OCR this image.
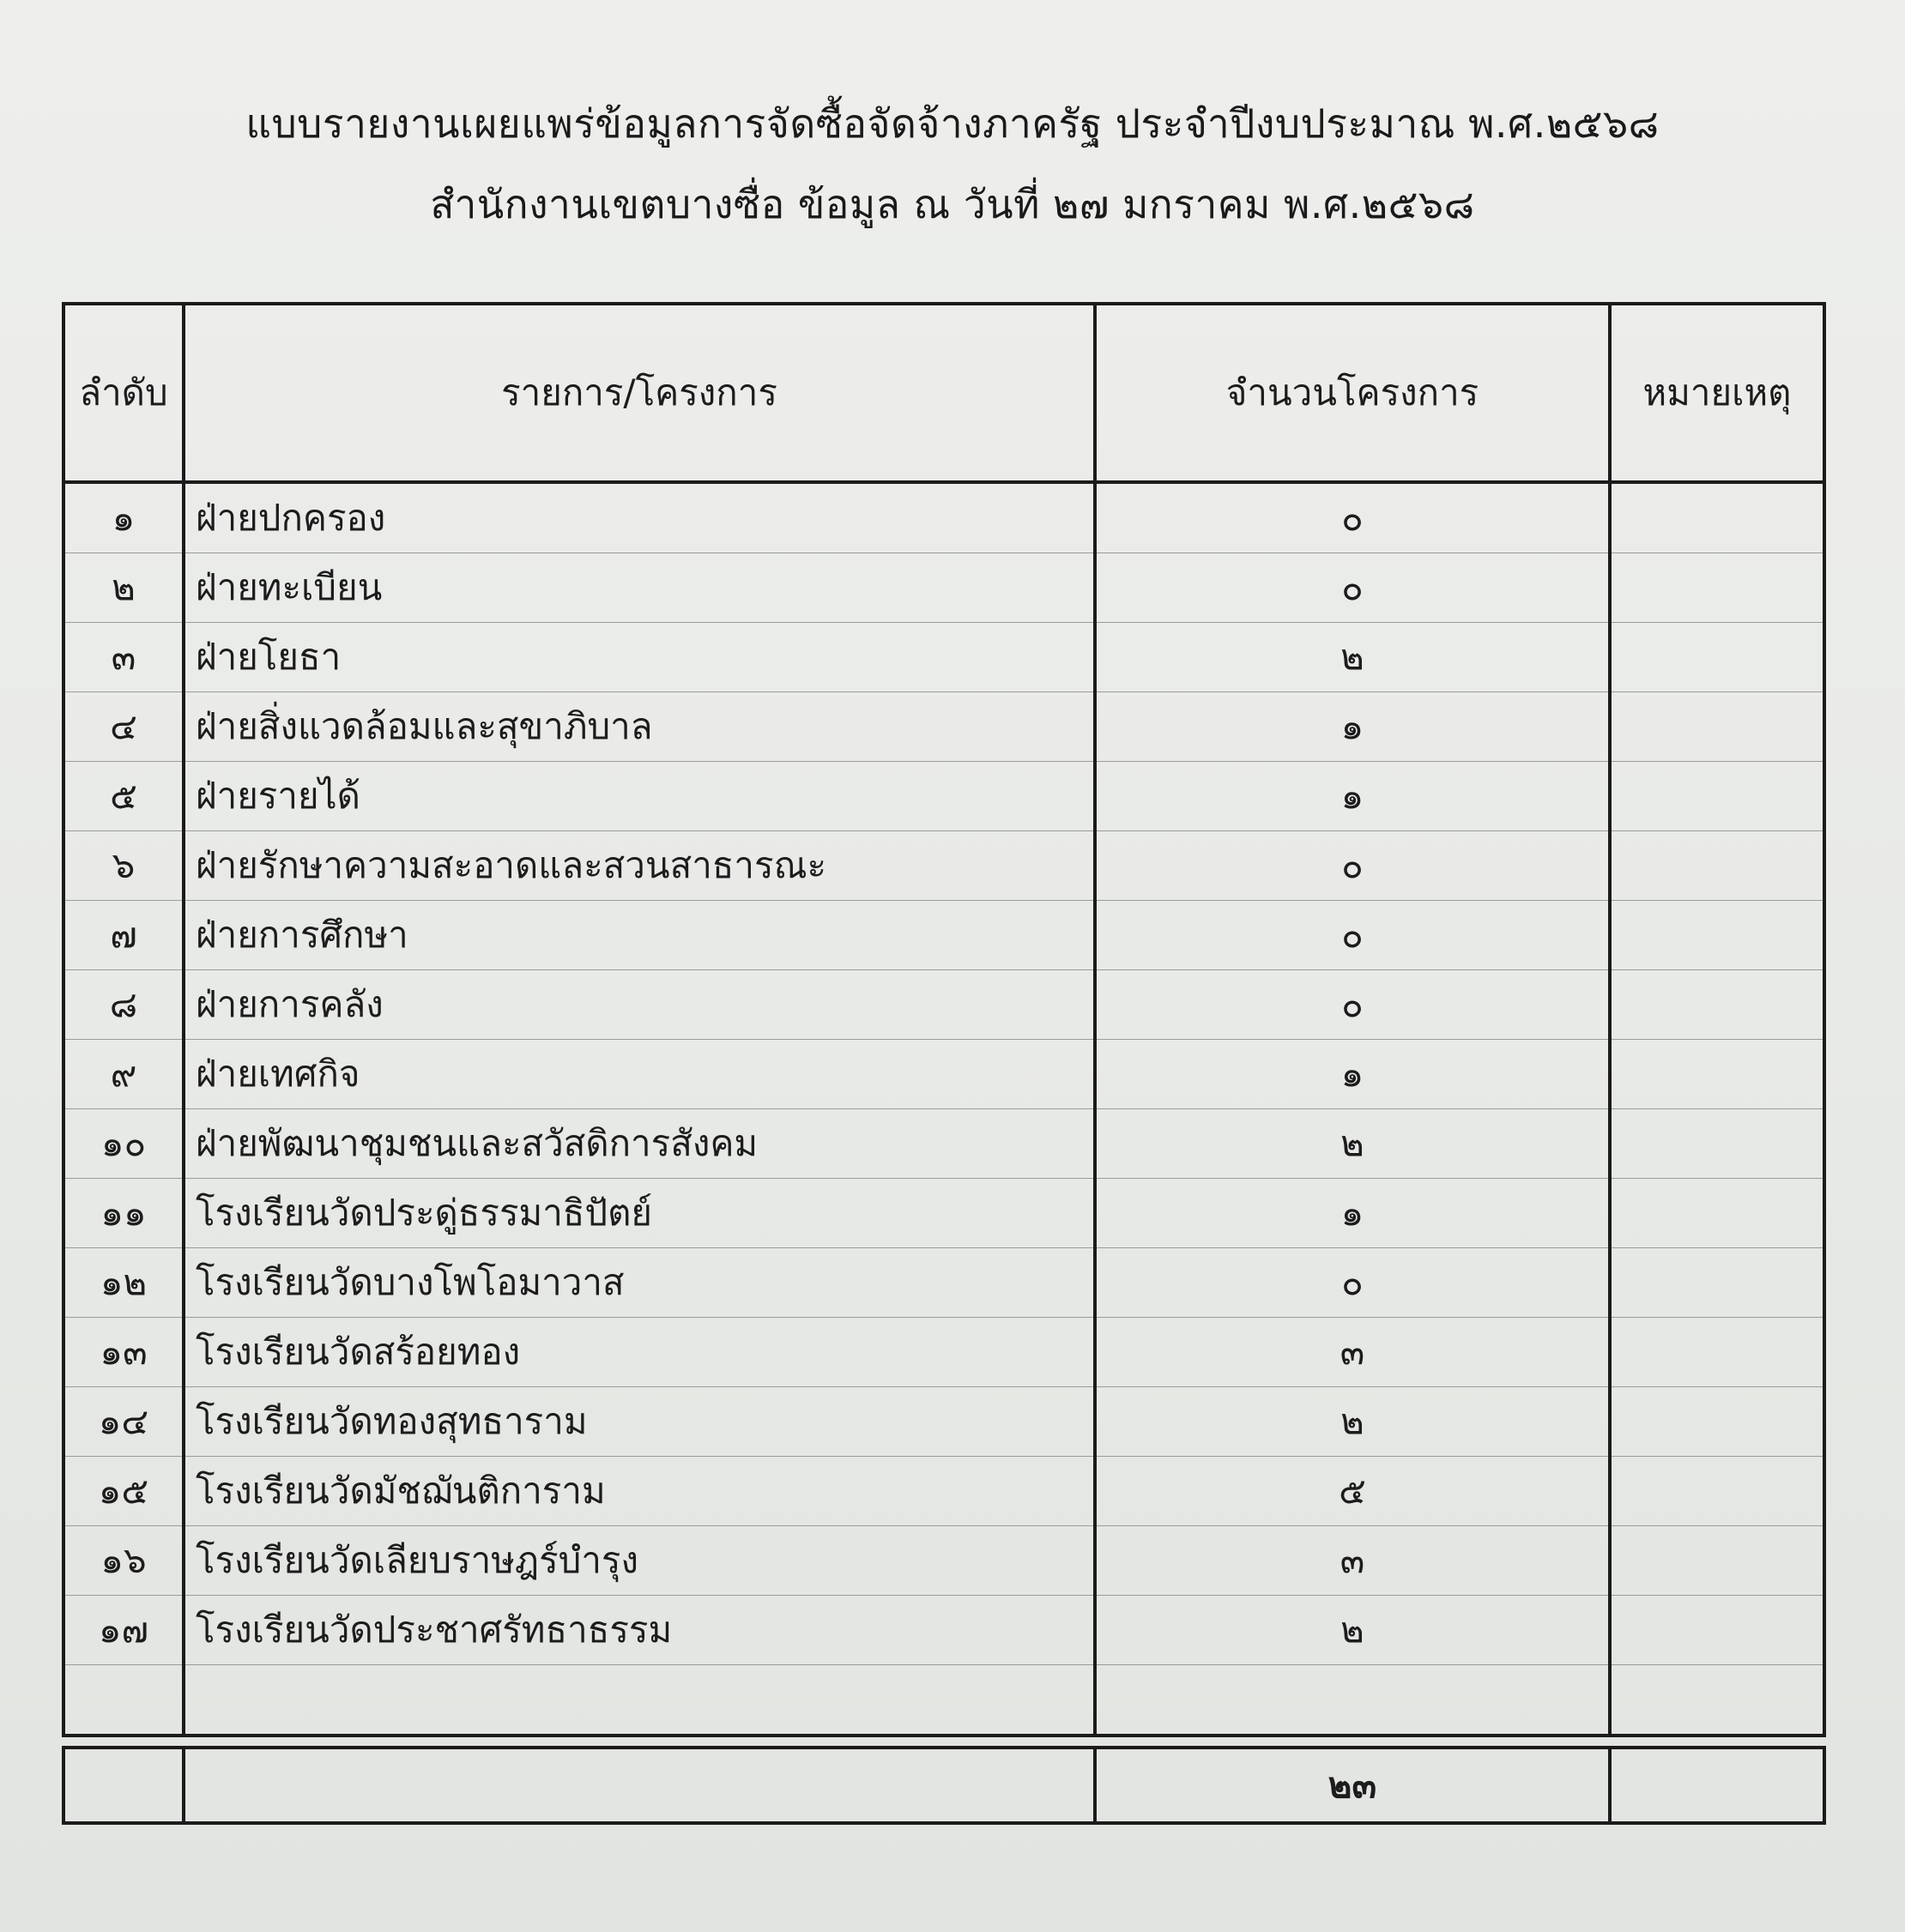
แบบรายงานเผยแพร่ข้อมูลการจัดซื้อจัดจ้างภาครัฐ ประจำปีงบประมาณ พ.ศ.๒๕๖๘
สำนักงานเขตบางซื่อ ข้อมูล ณ วันที่ ๒๗ มกราคม พ.ศ.๒๕๖๘
ลำดับ	รายการ/โครงการ	จำนวนโครงการ	หมายเหตุ
๑	ฝ่ายปกครอง	๐	
๒	ฝ่ายทะเบียน	๐	
๓	ฝ่ายโยธา	๒	
๔	ฝ่ายสิ่งแวดล้อมและสุขาภิบาล	๑	
๕	ฝ่ายรายได้	๑	
๖	ฝ่ายรักษาความสะอาดและสวนสาธารณะ	๐	
๗	ฝ่ายการศึกษา	๐	
๘	ฝ่ายการคลัง	๐	
๙	ฝ่ายเทศกิจ	๑	
๑๐	ฝ่ายพัฒนาชุมชนและสวัสดิการสังคม	๒	
๑๑	โรงเรียนวัดประดู่ธรรมาธิปัตย์	๑	
๑๒	โรงเรียนวัดบางโพโอมาวาส	๐	
๑๓	โรงเรียนวัดสร้อยทอง	๓	
๑๔	โรงเรียนวัดทองสุทธาราม	๒	
๑๕	โรงเรียนวัดมัชฌันติการาม	๕	
๑๖	โรงเรียนวัดเลียบราษฎร์บำรุง	๓	
๑๗	โรงเรียนวัดประชาศรัทธาธรรม	๒	

		๒๓	
